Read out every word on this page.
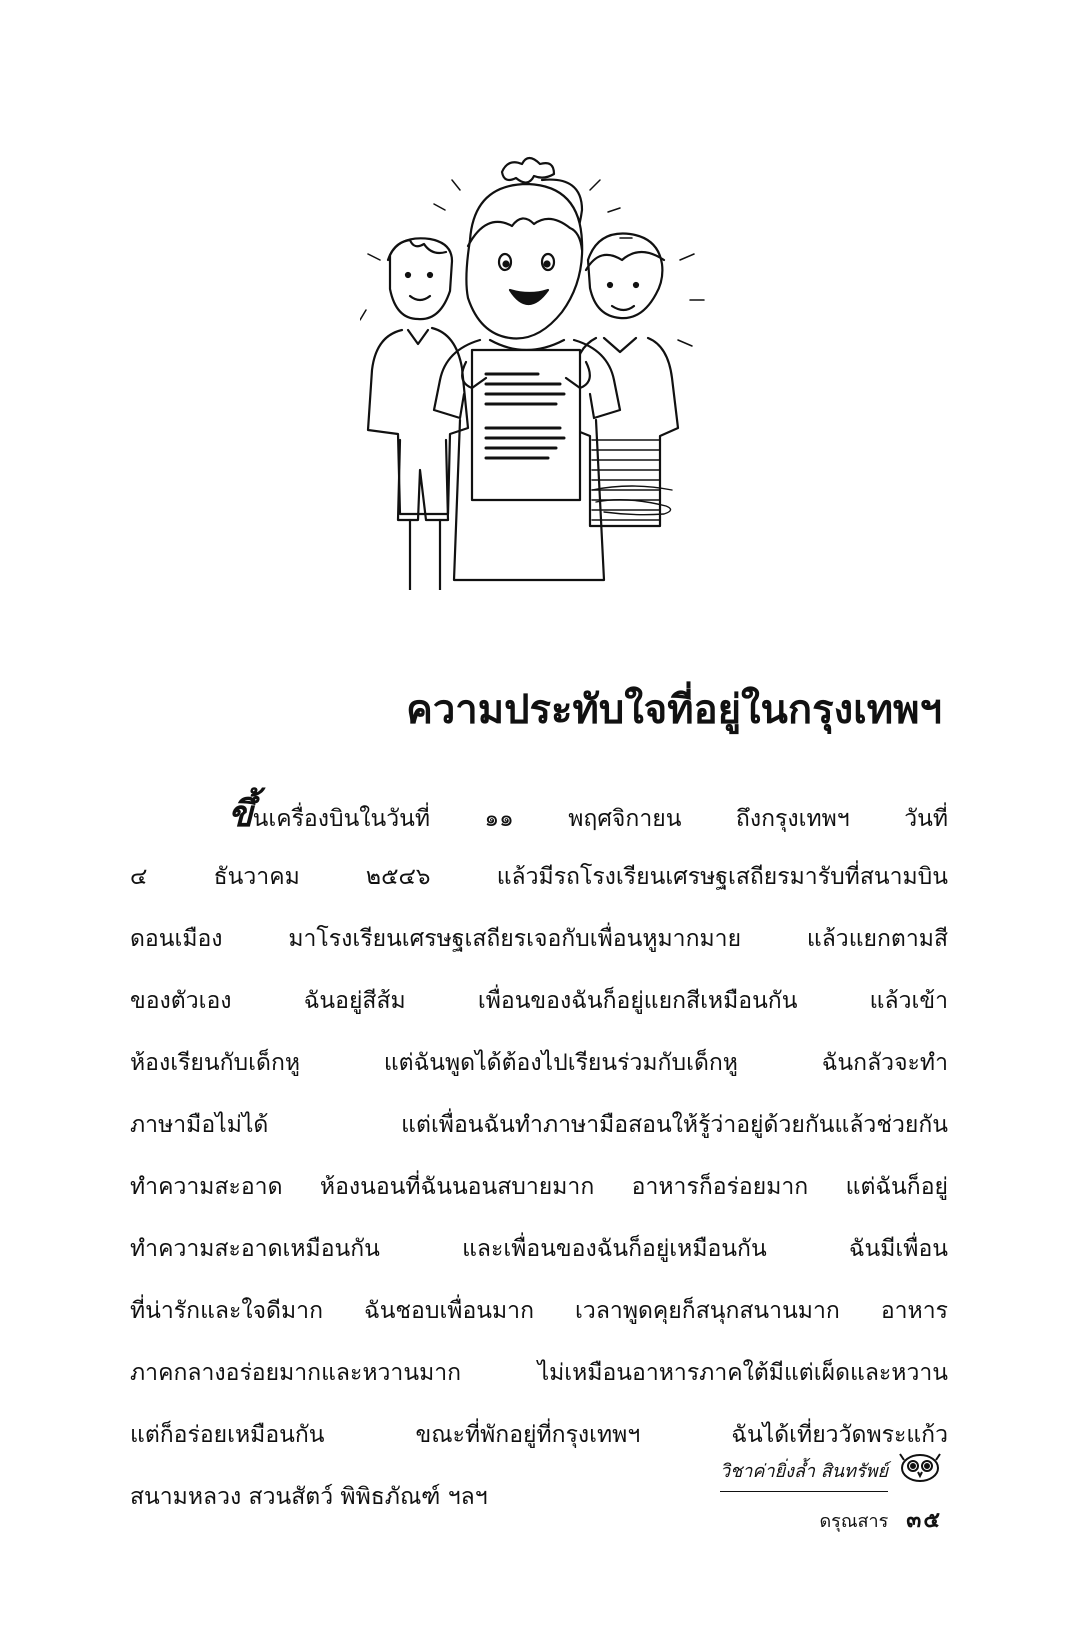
ความประทับใจที่อยู่ในกรุงเทพฯ
ขึ้นเครื่องบินในวันที่ ๑๑ พฤศจิกายน ถึงกรุงเทพฯ วันที่
๔ ธันวาคม ๒๕๔๖ แล้วมีรถโรงเรียนเศรษฐเสถียรมารับที่สนามบิน
ดอนเมือง มาโรงเรียนเศรษฐเสถียรเจอกับเพื่อนหูมากมาย แล้วแยกตามสี
ของตัวเอง ฉันอยู่สีส้ม เพื่อนของฉันก็อยู่แยกสีเหมือนกัน แล้วเข้า
ห้องเรียนกับเด็กหู แต่ฉันพูดได้ต้องไปเรียนร่วมกับเด็กหู ฉันกลัวจะทำ
ภาษามือไม่ได้ แต่เพื่อนฉันทำภาษามือสอนให้รู้ว่าอยู่ด้วยกันแล้วช่วยกัน
ทำความสะอาด ห้องนอนที่ฉันนอนสบายมาก อาหารก็อร่อยมาก แต่ฉันก็อยู่
ทำความสะอาดเหมือนกัน และเพื่อนของฉันก็อยู่เหมือนกัน ฉันมีเพื่อน
ที่น่ารักและใจดีมาก ฉันชอบเพื่อนมาก เวลาพูดคุยก็สนุกสนานมาก อาหาร
ภาคกลางอร่อยมากและหวานมาก ไม่เหมือนอาหารภาคใต้มีแต่เผ็ดและหวาน
แต่ก็อร่อยเหมือนกัน ขณะที่พักอยู่ที่กรุงเทพฯ ฉันได้เที่ยววัดพระแก้ว
สนามหลวง สวนสัตว์ พิพิธภัณฑ์ ฯลฯ
วิชาค่ายิ่งล้ำ สินทรัพย์
ดรุณสาร ๓๕
